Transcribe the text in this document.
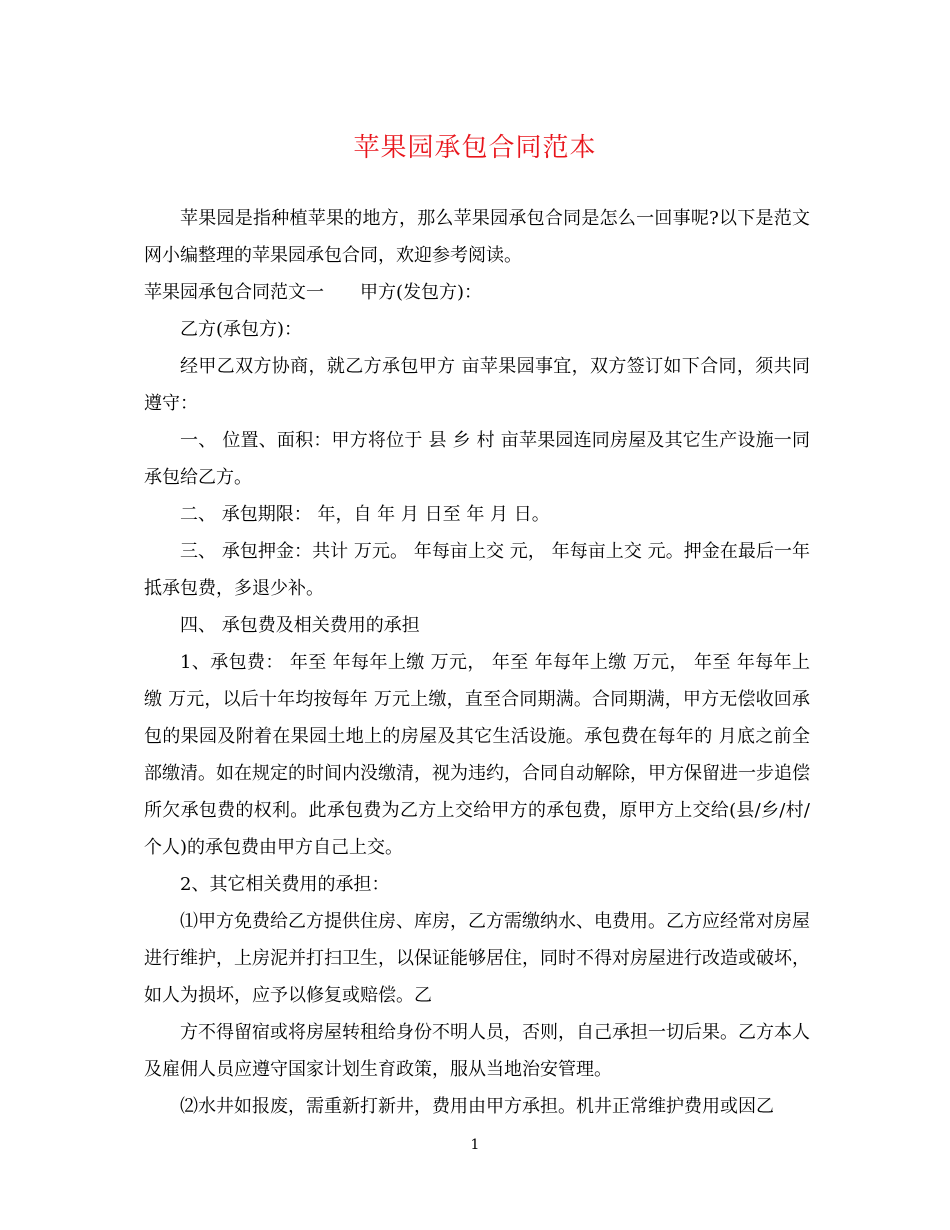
苹果园承包合同范本

苹果园是指种植苹果的地方，那么苹果园承包合同是怎么一回事呢?以下是范文网小编整理的苹果园承包合同，欢迎参考阅读。

苹果园承包合同范文一　　甲方(发包方)：

乙方(承包方)：

经甲乙双方协商，就乙方承包甲方 亩苹果园事宜，双方签订如下合同，须共同遵守：

一、 位置、面积：甲方将位于 县 乡 村 亩苹果园连同房屋及其它生产设施一同承包给乙方。

二、 承包期限： 年，自 年 月 日至 年 月 日。

三、 承包押金：共计 万元。 年每亩上交 元， 年每亩上交 元。押金在最后一年抵承包费，多退少补。

四、 承包费及相关费用的承担

1、承包费： 年至 年每年上缴 万元， 年至 年每年上缴 万元， 年至 年每年上缴 万元，以后十年均按每年 万元上缴，直至合同期满。合同期满，甲方无偿收回承包的果园及附着在果园土地上的房屋及其它生活设施。承包费在每年的 月底之前全部缴清。如在规定的时间内没缴清，视为违约，合同自动解除，甲方保留进一步追偿所欠承包费的权利。此承包费为乙方上交给甲方的承包费，原甲方上交给(县/乡/村/个人)的承包费由甲方自己上交。

2、其它相关费用的承担：

⑴甲方免费给乙方提供住房、库房，乙方需缴纳水、电费用。乙方应经常对房屋进行维护，上房泥并打扫卫生，以保证能够居住，同时不得对房屋进行改造或破坏，如人为损坏，应予以修复或赔偿。乙

方不得留宿或将房屋转租给身份不明人员，否则，自己承担一切后果。乙方本人及雇佣人员应遵守国家计划生育政策，服从当地治安管理。

⑵水井如报废，需重新打新井，费用由甲方承担。机井正常维护费用或因乙

1
